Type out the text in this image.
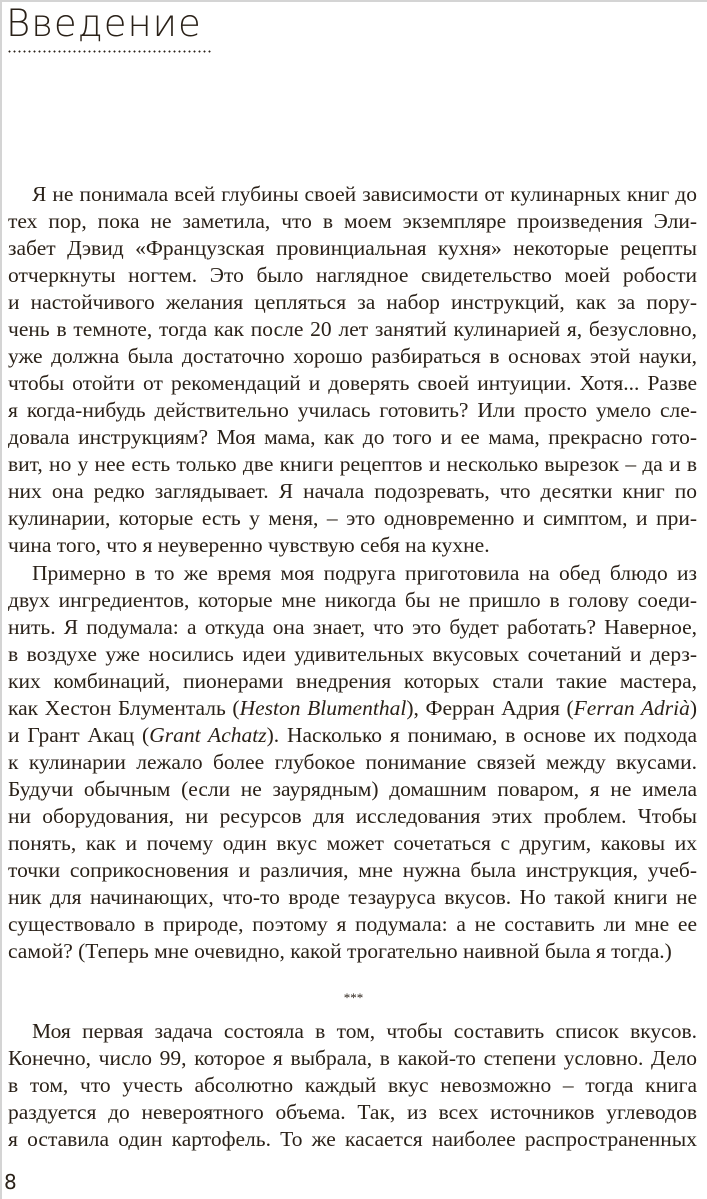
Введение
Я не понимала всей глубины своей зависимости от кулинарных книг до
тех пор, пока не заметила, что в моем экземпляре произведения Эли-
забет Дэвид «Французская провинциальная кухня» некоторые рецепты
отчеркнуты ногтем. Это было наглядное свидетельство моей робости
и настойчивого желания цепляться за набор инструкций, как за пору-
чень в темноте, тогда как после 20 лет занятий кулинарией я, безусловно,
уже должна была достаточно хорошо разбираться в основах этой науки,
чтобы отойти от рекомендаций и доверять своей интуиции. Хотя... Разве
я когда-нибудь действительно училась готовить? Или просто умело сле-
довала инструкциям? Моя мама, как до того и ее мама, прекрасно гото-
вит, но у нее есть только две книги рецептов и несколько вырезок – да и в
них она редко заглядывает. Я начала подозревать, что десятки книг по
кулинарии, которые есть у меня, – это одновременно и симптом, и при-
чина того, что я неуверенно чувствую себя на кухне.
Примерно в то же время моя подруга приготовила на обед блюдо из
двух ингредиентов, которые мне никогда бы не пришло в голову соеди-
нить. Я подумала: а откуда она знает, что это будет работать? Наверное,
в воздухе уже носились идеи удивительных вкусовых сочетаний и дерз-
ких комбинаций, пионерами внедрения которых стали такие мастера,
как Хестон Блументаль (Heston Blumenthal), Ферран Адрия (Ferran Adrià)
и Грант Акац (Grant Achatz). Насколько я понимаю, в основе их подхода
к кулинарии лежало более глубокое понимание связей между вкусами.
Будучи обычным (если не заурядным) домашним поваром, я не имела
ни оборудования, ни ресурсов для исследования этих проблем. Чтобы
понять, как и почему один вкус может сочетаться с другим, каковы их
точки соприкосновения и различия, мне нужна была инструкция, учеб-
ник для начинающих, что-то вроде тезауруса вкусов. Но такой книги не
существовало в природе, поэтому я подумала: а не составить ли мне ее
самой? (Теперь мне очевидно, какой трогательно наивной была я тогда.)
***
Моя первая задача состояла в том, чтобы составить список вкусов.
Конечно, число 99, которое я выбрала, в какой-то степени условно. Дело
в том, что учесть абсолютно каждый вкус невозможно – тогда книга
раздуется до невероятного объема. Так, из всех источников углеводов
я оставила один картофель. То же касается наиболее распространенных
8
